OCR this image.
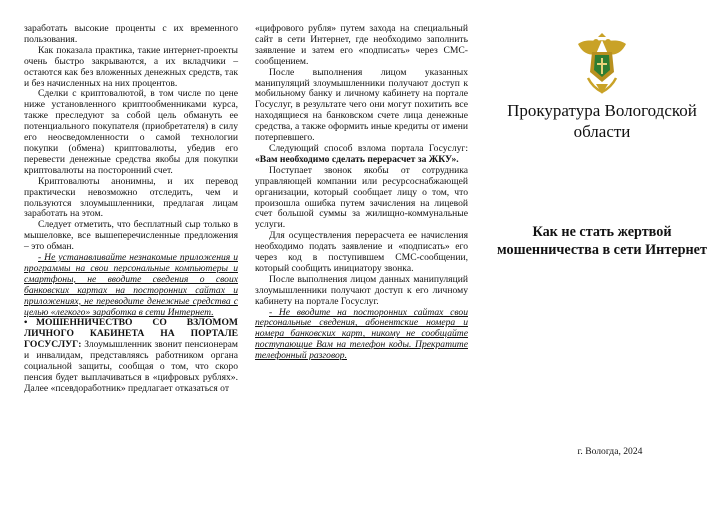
заработать высокие проценты с их временного пользования.

Как показала практика, такие интернет-проекты очень быстро закрываются, а их вкладчики – остаются как без вложенных денежных средств, так и без начисленных на них процентов.

Сделки с криптовалютой, в том числе по цене ниже установленного криптообменниками курса, также преследуют за собой цель обмануть ее потенциального покупателя (приобретателя) в силу его неосведомленности о самой технологии покупки (обмена) криптовалюты, убедив его перевести денежные средства якобы для покупки криптовалюты на посторонний счет.

Криптовалюты анонимны, и их перевод практически невозможно отследить, чем и пользуются злоумышленники, предлагая лицам заработать на этом.

Следует отметить, что бесплатный сыр только в мышеловке, все вышеперечисленные предложения – это обман.

- Не устанавливайте незнакомые приложения и программы на свои персональные компьютеры и смартфоны, не вводите сведения о своих банковских картах на посторонних сайтах и приложениях, не переводите денежные средства с целью «легкого» заработка в сети Интернет.

• МОШЕННИЧЕСТВО СО ВЗЛОМОМ ЛИЧНОГО КАБИНЕТА НА ПОРТАЛЕ ГОСУСЛУГ: Злоумышленник звонит пенсионерам и инвалидам, представляясь работником органа социальной защиты, сообщая о том, что скоро пенсия будет выплачиваться в «цифровых рублях». Далее «псевдоработник» предлагает отказаться от

«цифрового рубля» путем захода на специальный сайт в сети Интернет, где необходимо заполнить заявление и затем его «подписать» через СМС-сообщением.

После выполнения лицом указанных манипуляций злоумышленники получают доступ к мобильному банку и личному кабинету на портале Госуслуг, в результате чего они могут похитить все находящиеся на банковском счете лица денежные средства, а также оформить иные кредиты от имени потерпевшего.

Следующий способ взлома портала Госуслуг: «Вам необходимо сделать перерасчет за ЖКУ».

Поступает звонок якобы от сотрудника управляющей компании или ресурсоснабжающей организации, который сообщает лицу о том, что произошла ошибка путем зачисления на лицевой счет большой суммы за жилищно-коммунальные услуги.

Для осуществления перерасчета ее начисления необходимо подать заявление и «подписать» его через код в поступившем СМС-сообщении, который сообщить инициатору звонка.

После выполнения лицом данных манипуляций злоумышленники получают доступ к его личному кабинету на портале Госуслуг.

- Не вводите на посторонних сайтах свои персональные сведения, абонентские номера и номера банковских карт, никому не сообщайте поступающие Вам на телефон коды. Прекратите телефонный разговор.

Прокуратура Вологодской области
Как не стать жертвой мошенничества в сети Интернет
г. Вологда, 2024
